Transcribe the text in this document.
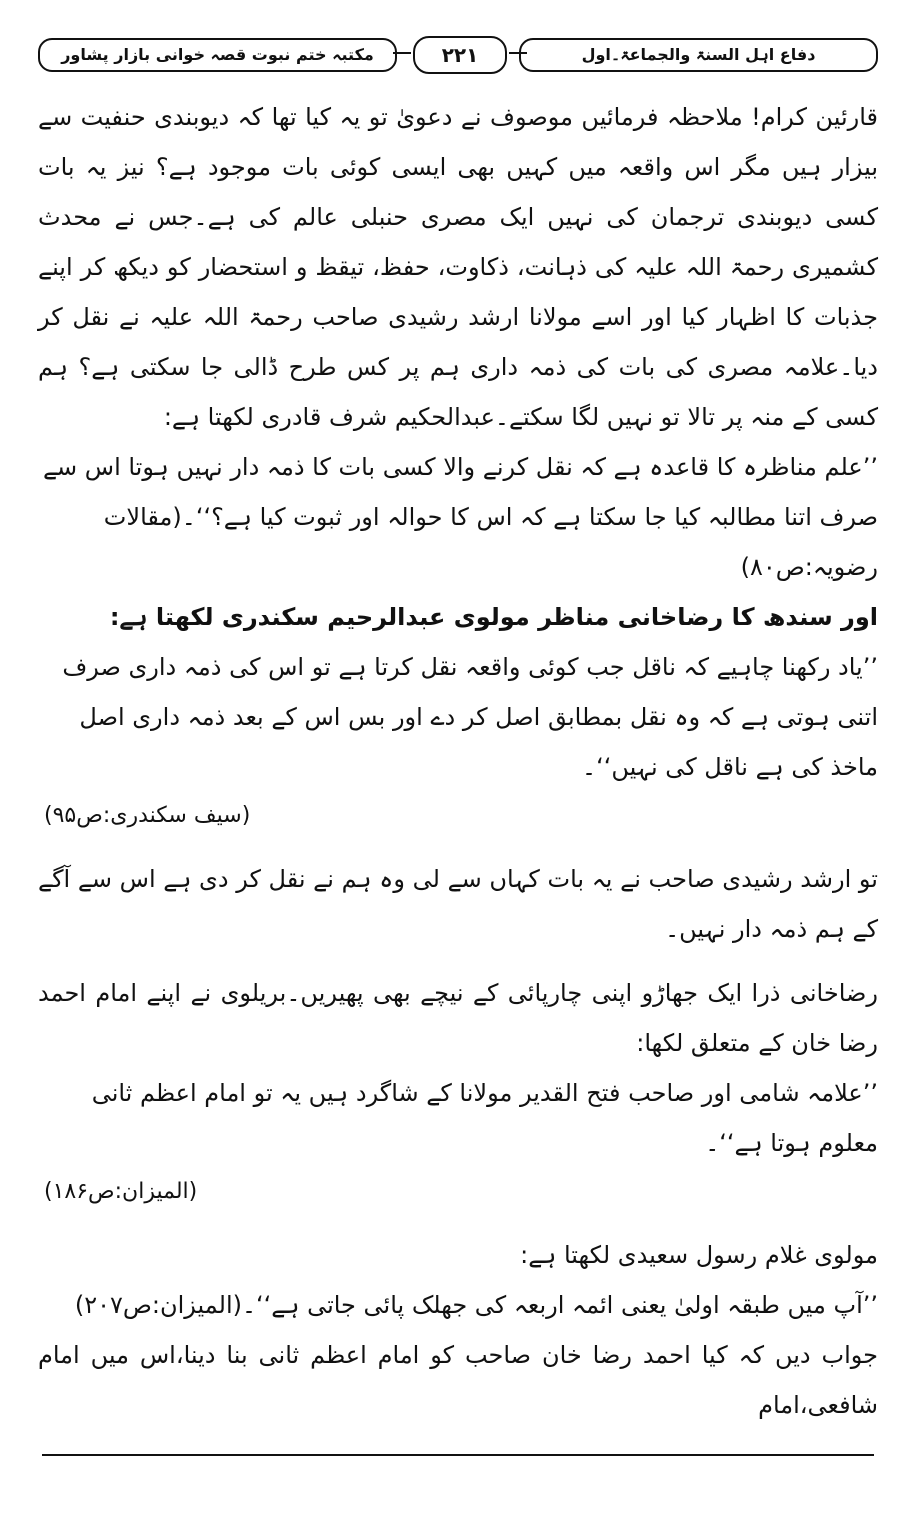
مکتبہ ختم نبوت قصہ خوانی بازار پشاور	۲۲۱	دفاع اہل السنۃ والجماعۃ۔اول

قارئین کرام! ملاحظہ فرمائیں موصوف نے دعویٰ تو یہ کیا تھا کہ دیوبندی حنفیت سے بیزار ہیں مگر اس واقعہ میں کہیں بھی ایسی کوئی بات موجود ہے؟ نیز یہ بات کسی دیوبندی ترجمان کی نہیں ایک مصری حنبلی عالم کی ہے۔جس نے محدث کشمیری رحمۃ اللہ علیہ کی ذہانت، ذکاوت، حفظ، تیقظ و استحضار کو دیکھ کر اپنے جذبات کا اظہار کیا اور اسے مولانا ارشد رشیدی صاحب رحمۃ اللہ علیہ نے نقل کر دیا۔علامہ مصری کی بات کی ذمہ داری ہم پر کس طرح ڈالی جا سکتی ہے؟ ہم کسی کے منہ پر تالا تو نہیں لگا سکتے۔عبدالحکیم شرف قادری لکھتا ہے:

’’علم مناظرہ کا قاعدہ ہے کہ نقل کرنے والا کسی بات کا ذمہ دار نہیں ہوتا اس سے صرف اتنا مطالبہ کیا جا سکتا ہے کہ اس کا حوالہ اور ثبوت کیا ہے؟‘‘۔(مقالات رضویہ:ص۸۰)

اور سندھ کا رضاخانی مناظر مولوی عبدالرحیم سکندری لکھتا ہے:

’’یاد رکھنا چاہیے کہ ناقل جب کوئی واقعہ نقل کرتا ہے تو اس کی ذمہ داری صرف اتنی ہوتی ہے کہ وہ نقل بمطابق اصل کر دے اور بس اس کے بعد ذمہ داری اصل ماخذ کی ہے ناقل کی نہیں‘‘۔

(سیف سکندری:ص۹۵)

تو ارشد رشیدی صاحب نے یہ بات کہاں سے لی وہ ہم نے نقل کر دی ہے اس سے آگے کے ہم ذمہ دار نہیں۔

رضاخانی ذرا ایک جھاڑو اپنی چارپائی کے نیچے بھی پھیریں۔بریلوی نے اپنے امام احمد رضا خان کے متعلق لکھا:

’’علامہ شامی اور صاحب فتح القدیر مولانا کے شاگرد ہیں یہ تو امام اعظم ثانی معلوم ہوتا ہے‘‘۔

(المیزان:ص۱۸۶)

مولوی غلام رسول سعیدی لکھتا ہے:

’’آپ میں طبقہ اولیٰ یعنی ائمہ اربعہ کی جھلک پائی جاتی ہے‘‘۔(المیزان:ص۲۰۷)

جواب دیں کہ کیا احمد رضا خان صاحب کو امام اعظم ثانی بنا دینا،اس میں امام شافعی،امام
